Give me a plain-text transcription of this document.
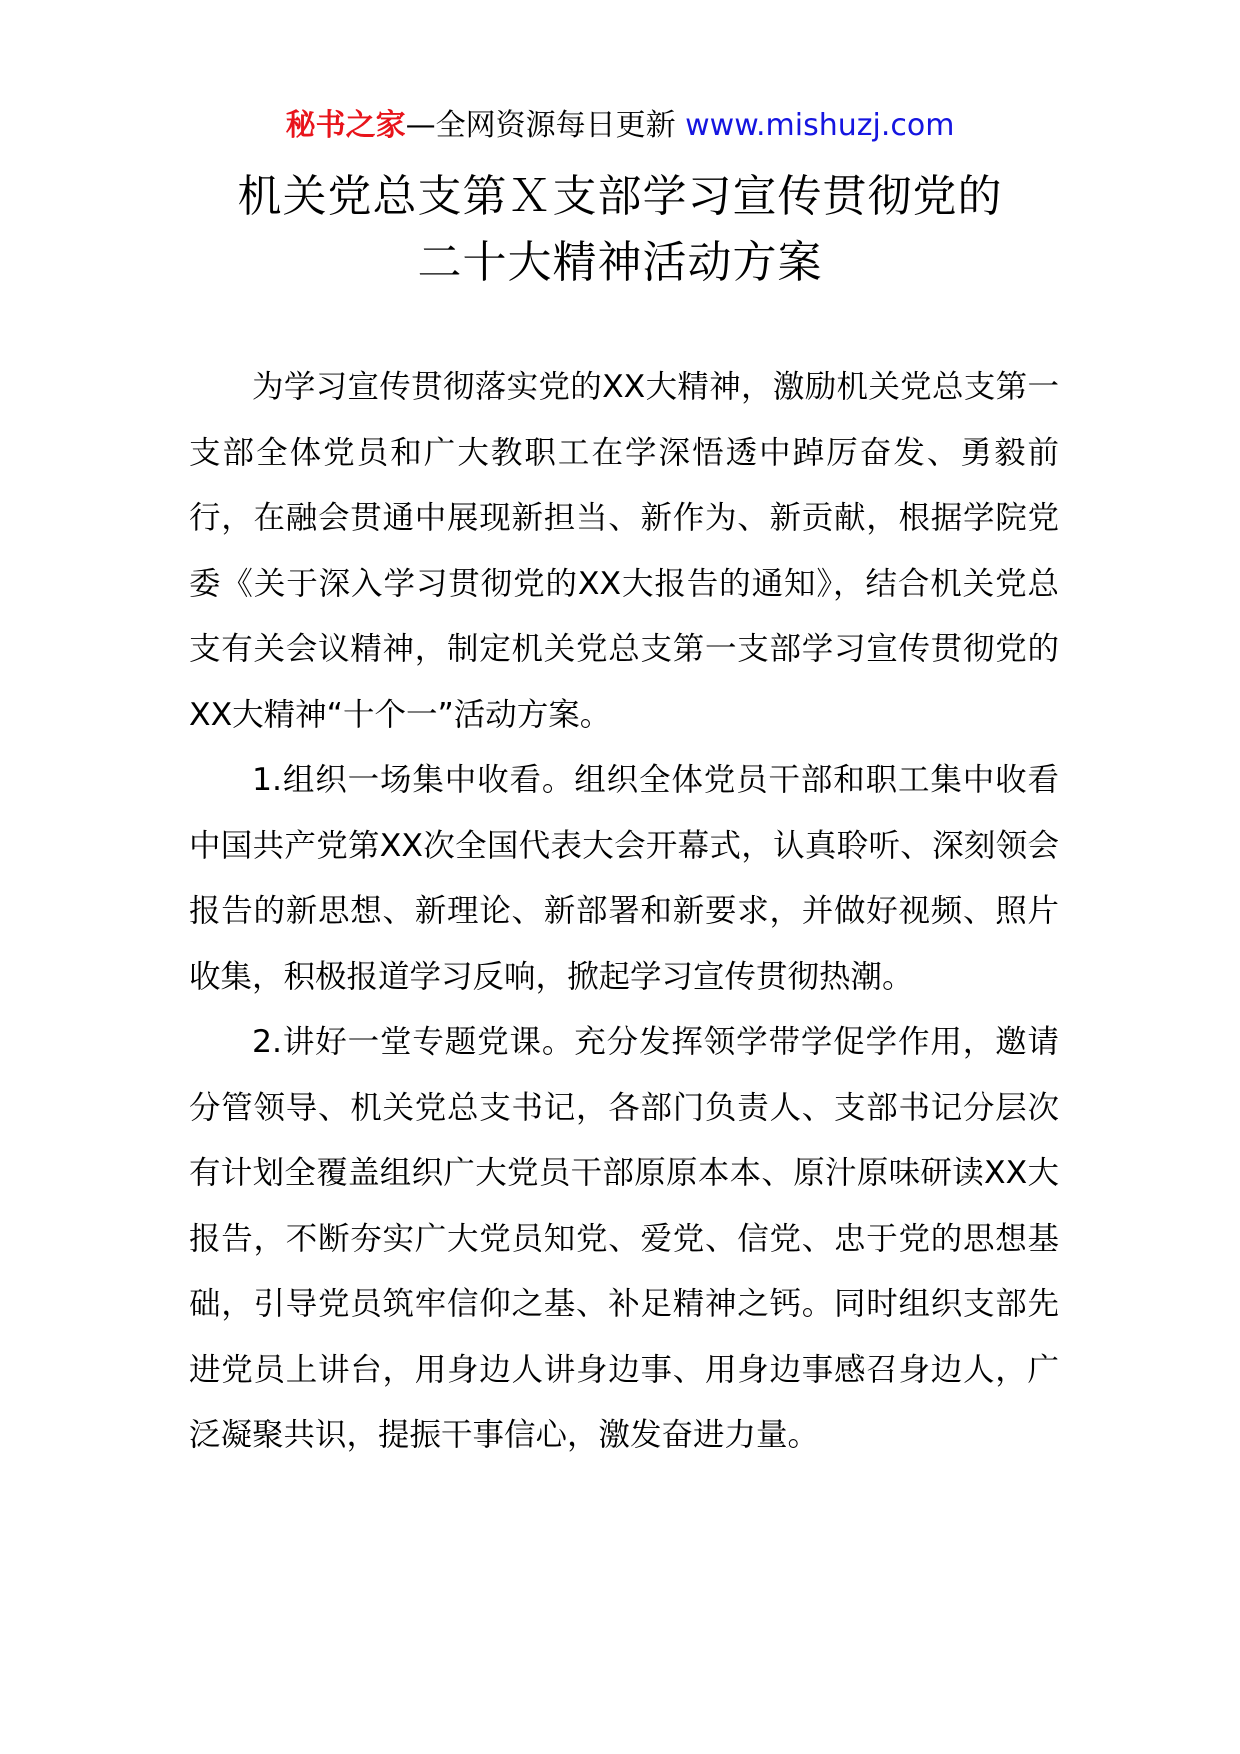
秘书之家—全网资源每日更新 www.mishuzj.com
机关党总支第Ｘ支部学习宣传贯彻党的
二十大精神活动方案

为学习宣传贯彻落实党的XX大精神，激励机关党总支第一支部全体党员和广大教职工在学深悟透中踔厉奋发、勇毅前行，在融会贯通中展现新担当、新作为、新贡献，根据学院党委《关于深入学习贯彻党的XX大报告的通知》，结合机关党总支有关会议精神，制定机关党总支第一支部学习宣传贯彻党的XX大精神“十个一”活动方案。

1.组织一场集中收看。组织全体党员干部和职工集中收看中国共产党第XX次全国代表大会开幕式，认真聆听、深刻领会报告的新思想、新理论、新部署和新要求，并做好视频、照片收集，积极报道学习反响，掀起学习宣传贯彻热潮。

2.讲好一堂专题党课。充分发挥领学带学促学作用，邀请分管领导、机关党总支书记，各部门负责人、支部书记分层次有计划全覆盖组织广大党员干部原原本本、原汁原味研读XX大报告，不断夯实广大党员知党、爱党、信党、忠于党的思想基础，引导党员筑牢信仰之基、补足精神之钙。同时组织支部先进党员上讲台，用身边人讲身边事、用身边事感召身边人，广泛凝聚共识，提振干事信心，激发奋进力量。
